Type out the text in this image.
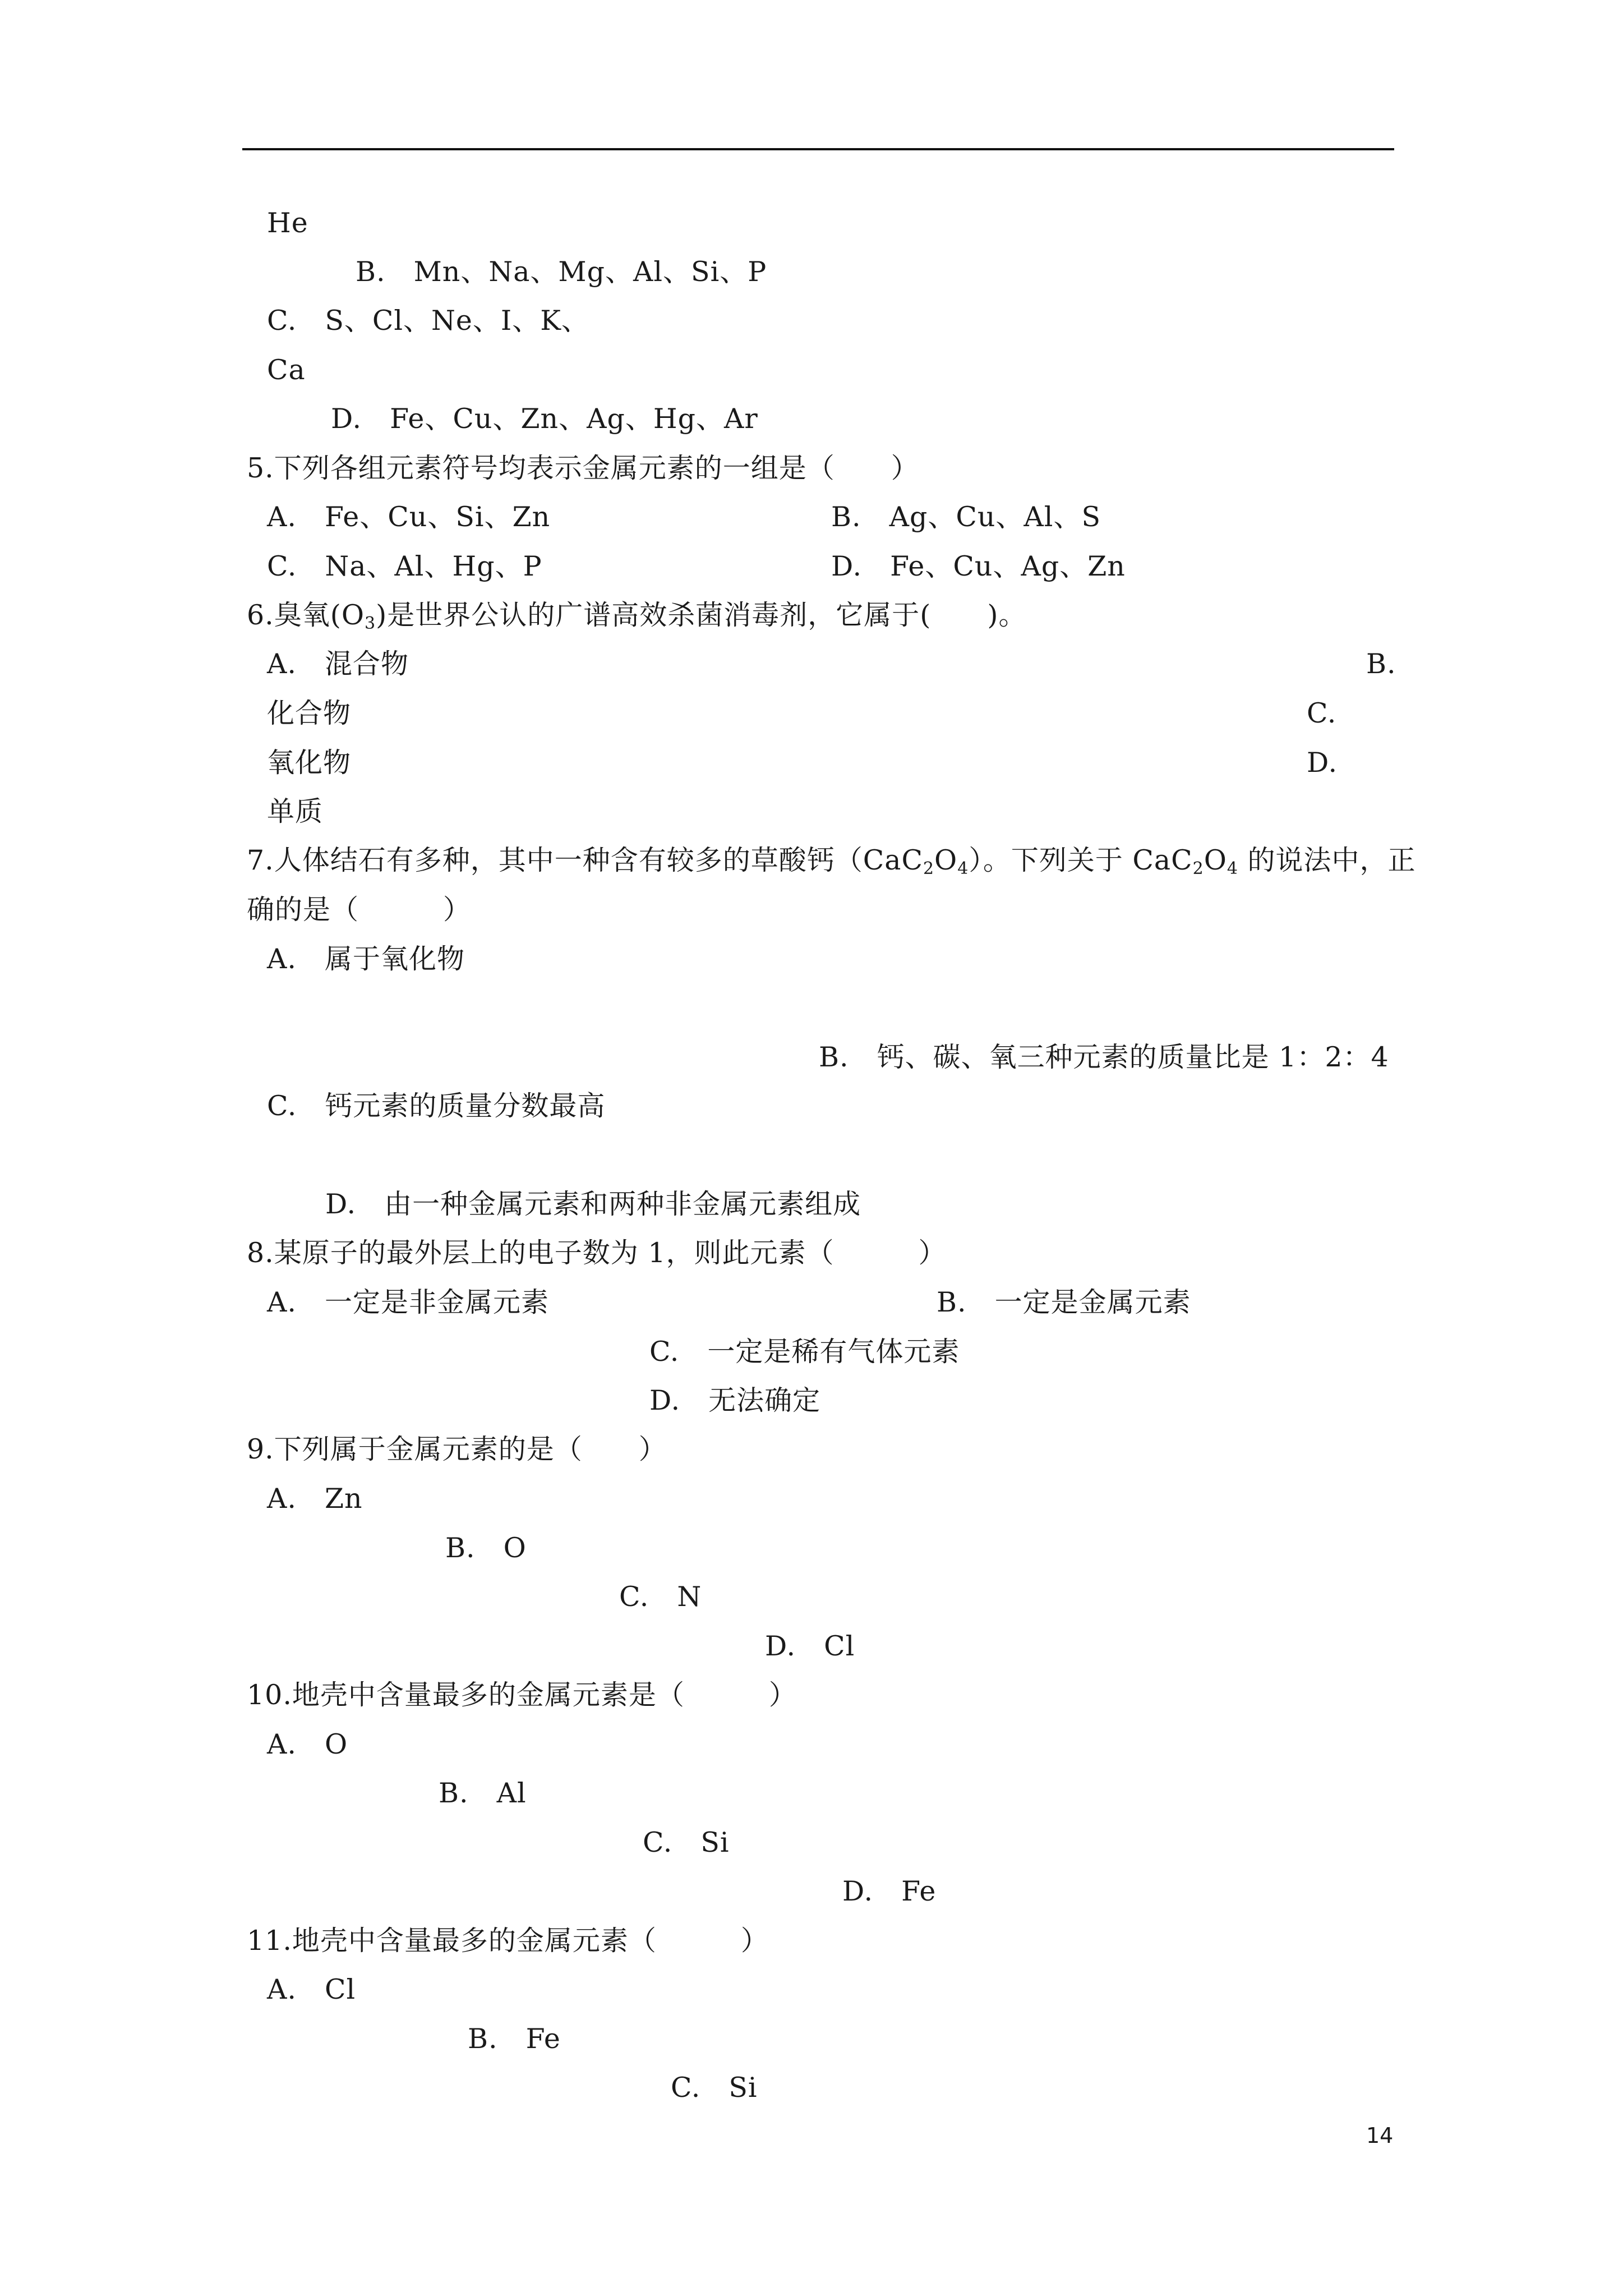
He
B.　Mn、Na、Mg、Al、Si、P
C.　S、Cl、Ne、I、K、
Ca
D.　Fe、Cu、Zn、Ag、Hg、Ar
5.下列各组元素符号均表示金属元素的一组是（　　）
A.　Fe、Cu、Si、Zn	B.　Ag、Cu、Al、S
C.　Na、Al、Hg、P	D.　Fe、Cu、Ag、Zn
6.臭氧$(O_3)$是世界公认的广谱高效杀菌消毒剂，它属于(　　)。
A.　混合物	B.
化合物	C.
氧化物	D.
单质
7.人体结石有多种，其中一种含有较多的草酸钙$(CaC_2O_4)$。下列关于 $CaC_2O_4$ 的说法中，正
确的是（　　　）
A.　属于氧化物
B.　钙、碳、氧三种元素的质量比是 1：2：4
C.　钙元素的质量分数最高
D.　由一种金属元素和两种非金属元素组成
8.某原子的最外层上的电子数为 1，则此元素（　　　）
A.　一定是非金属元素	B.　一定是金属元素
C.　一定是稀有气体元素
D.　无法确定
9.下列属于金属元素的是（　　）
A.　Zn
B.　O
C.　N
D.　Cl
10.地壳中含量最多的金属元素是（　　　）
A.　O
B.　Al
C.　Si
D.　Fe
11.地壳中含量最多的金属元素（　　　）
A.　Cl
B.　Fe
C.　Si
14
